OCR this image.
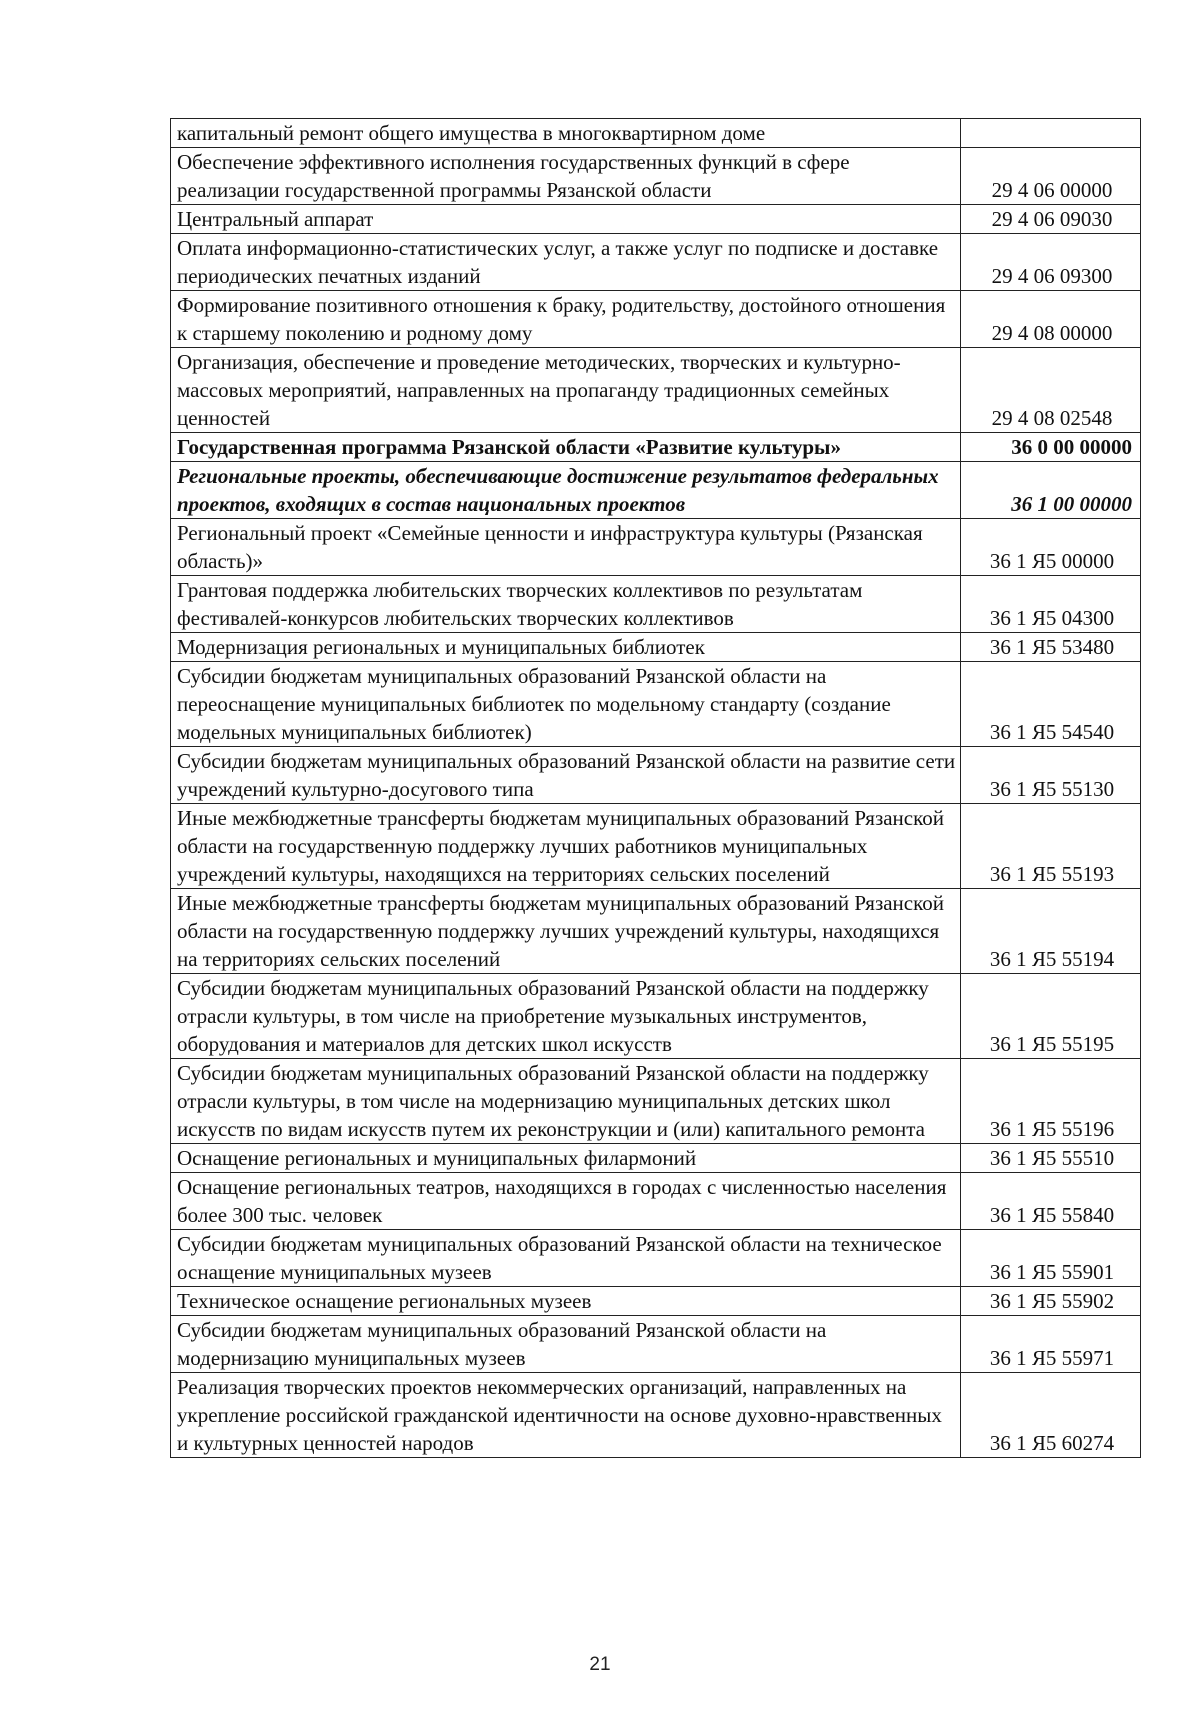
капитальный ремонт общего имущества в многоквартирном доме	
Обеспечение эффективного исполнения государственных функций в сфере реализации государственной программы Рязанской области	29 4 06 00000
Центральный аппарат	29 4 06 09030
Оплата информационно-статистических услуг, а также услуг по подписке и доставке периодических печатных изданий	29 4 06 09300
Формирование позитивного отношения к браку, родительству, достойного отношения к старшему поколению и родному дому	29 4 08 00000
Организация, обеспечение и проведение методических, творческих и культурно-массовых мероприятий, направленных на пропаганду традиционных семейных ценностей	29 4 08 02548
Государственная программа Рязанской области «Развитие культуры»	36 0 00 00000
Региональные проекты, обеспечивающие достижение результатов федеральных проектов, входящих в состав национальных проектов	36 1 00 00000
Региональный проект «Семейные ценности и инфраструктура культуры (Рязанская область)»	36 1 Я5 00000
Грантовая поддержка любительских творческих коллективов по результатам фестивалей-конкурсов любительских творческих коллективов	36 1 Я5 04300
Модернизация региональных и муниципальных библиотек	36 1 Я5 53480
Субсидии бюджетам муниципальных образований Рязанской области на переоснащение муниципальных библиотек по модельному стандарту (создание модельных муниципальных библиотек)	36 1 Я5 54540
Субсидии бюджетам муниципальных образований Рязанской области на развитие сети учреждений культурно-досугового типа	36 1 Я5 55130
Иные межбюджетные трансферты бюджетам муниципальных образований Рязанской области на государственную поддержку лучших работников муниципальных учреждений культуры, находящихся на территориях сельских поселений	36 1 Я5 55193
Иные межбюджетные трансферты бюджетам муниципальных образований Рязанской области на государственную поддержку лучших учреждений культуры, находящихся на территориях сельских поселений	36 1 Я5 55194
Субсидии бюджетам муниципальных образований Рязанской области на поддержку отрасли культуры, в том числе на приобретение музыкальных инструментов, оборудования и материалов для детских школ искусств	36 1 Я5 55195
Субсидии бюджетам муниципальных образований Рязанской области на поддержку отрасли культуры, в том числе на модернизацию муниципальных детских школ искусств по видам искусств путем их реконструкции и (или) капитального ремонта	36 1 Я5 55196
Оснащение региональных и муниципальных филармоний	36 1 Я5 55510
Оснащение региональных театров, находящихся в городах с численностью населения более 300 тыс. человек	36 1 Я5 55840
Субсидии бюджетам муниципальных образований Рязанской области на техническое оснащение муниципальных музеев	36 1 Я5 55901
Техническое оснащение региональных музеев	36 1 Я5 55902
Субсидии бюджетам муниципальных образований Рязанской области на модернизацию муниципальных музеев	36 1 Я5 55971
Реализация творческих проектов некоммерческих организаций, направленных на укрепление российской гражданской идентичности на основе духовно-нравственных и культурных ценностей народов	36 1 Я5 60274
21
